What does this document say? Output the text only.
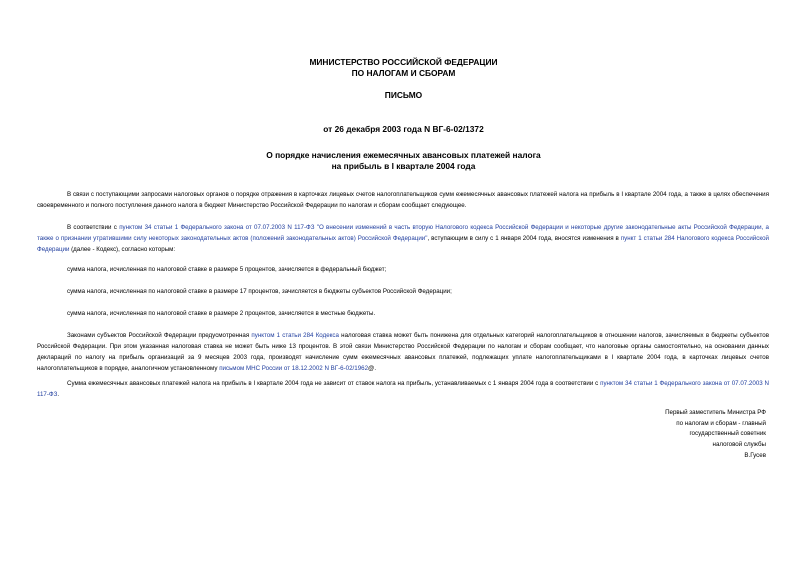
МИНИСТЕРСТВО РОССИЙСКОЙ ФЕДЕРАЦИИ
ПО НАЛОГАМ И СБОРАМ
ПИСЬМО
от 26 декабря 2003 года N ВГ-6-02/1372
О порядке начисления ежемесячных авансовых платежей налога
на прибыль в I квартале 2004 года
В связи с поступающими запросами налоговых органов о порядке отражения в карточках лицевых счетов налогоплательщиков сумм ежемесячных авансовых платежей налога на прибыль в I квартале 2004 года, а также в целях обеспечения своевременного и полного поступления данного налога в бюджет Министерство Российской Федерации по налогам и сборам сообщает следующее.
В соответствии с пунктом 34 статьи 1 Федерального закона от 07.07.2003 N 117-ФЗ "О внесении изменений в часть вторую Налогового кодекса Российской Федерации и некоторые другие законодательные акты Российской Федерации, а также о признании утратившими силу некоторых законодательных актов (положений законодательных актов) Российской Федерации", вступающим в силу с 1 января 2004 года, вносятся изменения в пункт 1 статьи 284 Налогового кодекса Российской Федерации (далее - Кодекс), согласно которым:
сумма налога, исчисленная по налоговой ставке в размере 5 процентов, зачисляется в федеральный бюджет;
сумма налога, исчисленная по налоговой ставке в размере 17 процентов, зачисляется в бюджеты субъектов Российской Федерации;
сумма налога, исчисленная по налоговой ставке в размере 2 процентов, зачисляется в местные бюджеты.
Законами субъектов Российской Федерации предусмотренная пунктом 1 статьи 284 Кодекса налоговая ставка может быть понижена для отдельных категорий налогоплательщиков в отношении налогов, зачисляемых в бюджеты субъектов Российской Федерации. При этом указанная налоговая ставка не может быть ниже 13 процентов. В этой связи Министерство Российской Федерации по налогам и сборам сообщает, что налоговые органы самостоятельно, на основании данных деклараций по налогу на прибыль организаций за 9 месяцев 2003 года, производят начисление сумм ежемесячных авансовых платежей, подлежащих уплате налогоплательщиками в I квартале 2004 года, в карточках лицевых счетов налогоплательщиков в порядке, аналогичном установленному письмом МНС России от 18.12.2002 N ВГ-6-02/1962@.
Сумма ежемесячных авансовых платежей налога на прибыль в I квартале 2004 года не зависит от ставок налога на прибыль, устанавливаемых с 1 января 2004 года в соответствии с пунктом 34 статьи 1 Федерального закона от 07.07.2003 N 117-ФЗ.
Первый заместитель Министра РФ
по налогам и сборам - главный
государственный советник
налоговой службы
В.Гусев
